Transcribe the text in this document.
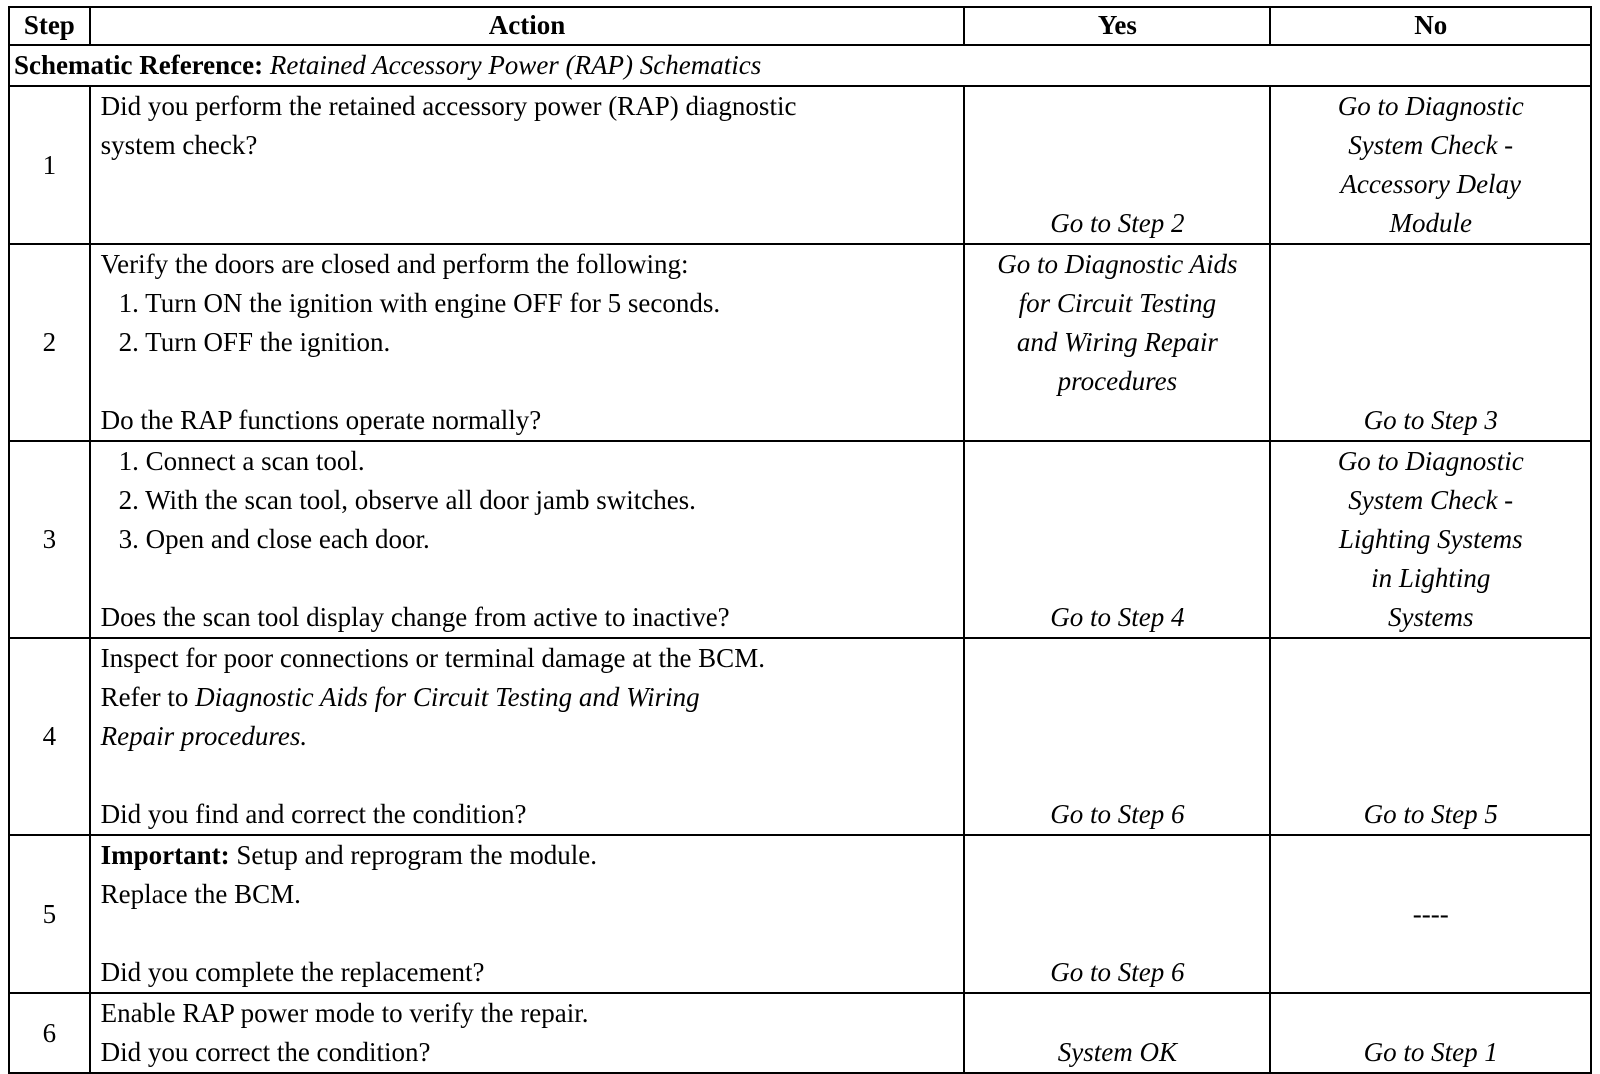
Step	Action	Yes	No
Schematic Reference: Retained Accessory Power (RAP) Schematics			
1	Did you perform the retained accessory power (RAP) diagnostic
system check?	Go to Step 2	Go to Diagnostic
System Check -
Accessory Delay
Module

2	Verify the doors are closed and perform the following:
1. Turn ON the ignition with engine OFF for 5 seconds.
2. Turn OFF the ignition.
Do the RAP functions operate normally?	Go to Diagnostic Aids
for Circuit Testing
and Wiring Repair
procedures	Go to Step 3
3	1. Connect a scan tool.
2. With the scan tool, observe all door jamb switches.
3. Open and close each door.
Does the scan tool display change from active to inactive?	Go to Step 4	Go to Diagnostic
System Check -
Lighting Systems
in Lighting
Systems

4	Inspect for poor connections or terminal damage at the BCM.
Refer to Diagnostic Aids for Circuit Testing and Wiring
Repair procedures.
Did you find and correct the condition?	Go to Step 6	Go to Step 5
5	Important: Setup and reprogram the module.
Replace the BCM.
Did you complete the replacement?	Go to Step 6	----
6	Enable RAP power mode to verify the repair.
Did you correct the condition?	System OK	Go to Step 1
